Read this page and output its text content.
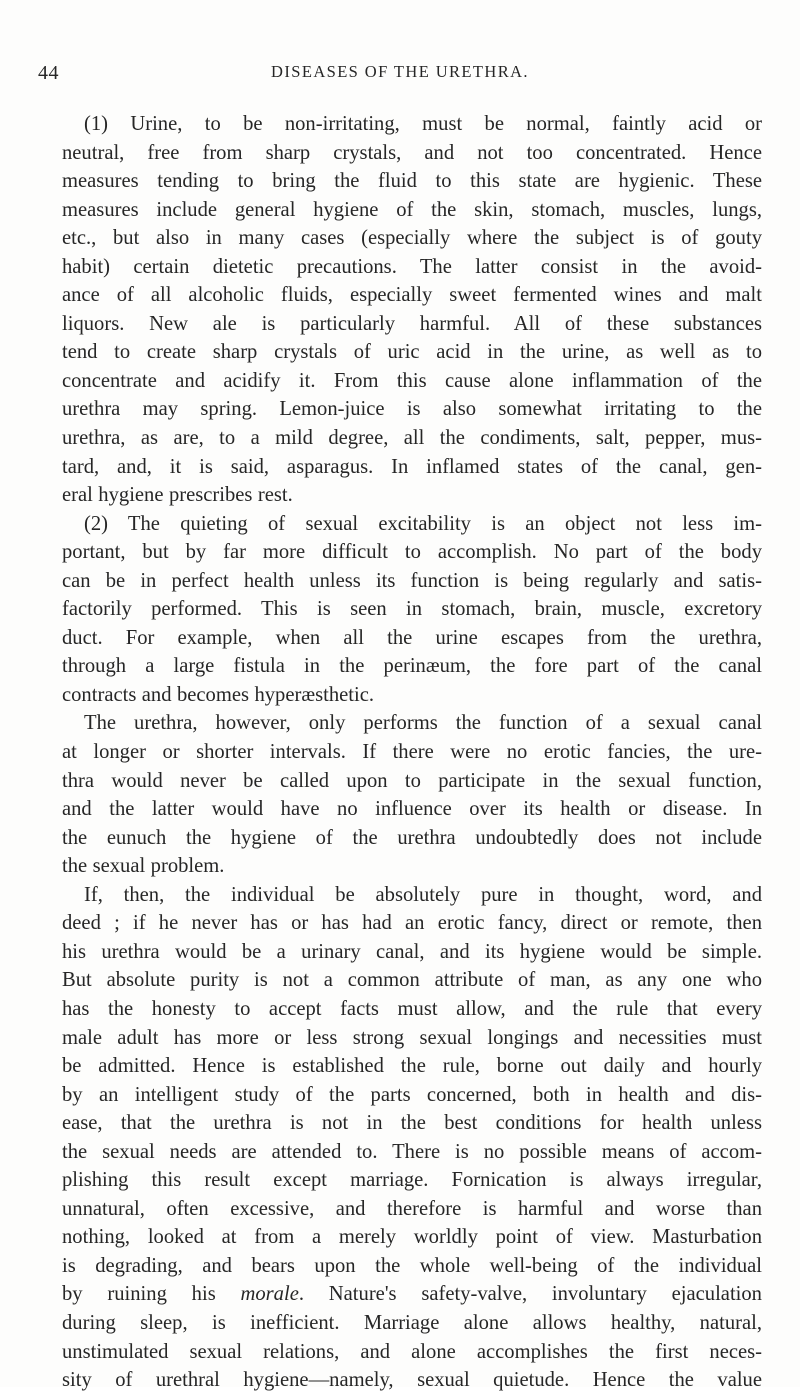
44	DISEASES OF THE URETHRA.
(1) Urine, to be non-irritating, must be normal, faintly acid or
neutral, free from sharp crystals, and not too concentrated. Hence
measures tending to bring the fluid to this state are hygienic. These
measures include general hygiene of the skin, stomach, muscles, lungs,
etc., but also in many cases (especially where the subject is of gouty
habit) certain dietetic precautions. The latter consist in the avoid-
ance of all alcoholic fluids, especially sweet fermented wines and malt
liquors. New ale is particularly harmful. All of these substances
tend to create sharp crystals of uric acid in the urine, as well as to
concentrate and acidify it. From this cause alone inflammation of the
urethra may spring. Lemon-juice is also somewhat irritating to the
urethra, as are, to a mild degree, all the condiments, salt, pepper, mus-
tard, and, it is said, asparagus. In inflamed states of the canal, gen-
eral hygiene prescribes rest.
(2) The quieting of sexual excitability is an object not less im-
portant, but by far more difficult to accomplish. No part of the body
can be in perfect health unless its function is being regularly and satis-
factorily performed. This is seen in stomach, brain, muscle, excretory
duct. For example, when all the urine escapes from the urethra,
through a large fistula in the perinæum, the fore part of the canal
contracts and becomes hyperæsthetic.
The urethra, however, only performs the function of a sexual canal
at longer or shorter intervals. If there were no erotic fancies, the ure-
thra would never be called upon to participate in the sexual function,
and the latter would have no influence over its health or disease. In
the eunuch the hygiene of the urethra undoubtedly does not include
the sexual problem.
If, then, the individual be absolutely pure in thought, word, and
deed ; if he never has or has had an erotic fancy, direct or remote, then
his urethra would be a urinary canal, and its hygiene would be simple.
But absolute purity is not a common attribute of man, as any one who
has the honesty to accept facts must allow, and the rule that every
male adult has more or less strong sexual longings and necessities must
be admitted. Hence is established the rule, borne out daily and hourly
by an intelligent study of the parts concerned, both in health and dis-
ease, that the urethra is not in the best conditions for health unless
the sexual needs are attended to. There is no possible means of accom-
plishing this result except marriage. Fornication is always irregular,
unnatural, often excessive, and therefore is harmful and worse than
nothing, looked at from a merely worldly point of view. Masturbation
is degrading, and bears upon the whole well-being of the individual
by ruining his morale. Nature's safety-valve, involuntary ejaculation
during sleep, is inefficient. Marriage alone allows healthy, natural,
unstimulated sexual relations, and alone accomplishes the first neces-
sity of urethral hygiene—namely, sexual quietude. Hence the value
